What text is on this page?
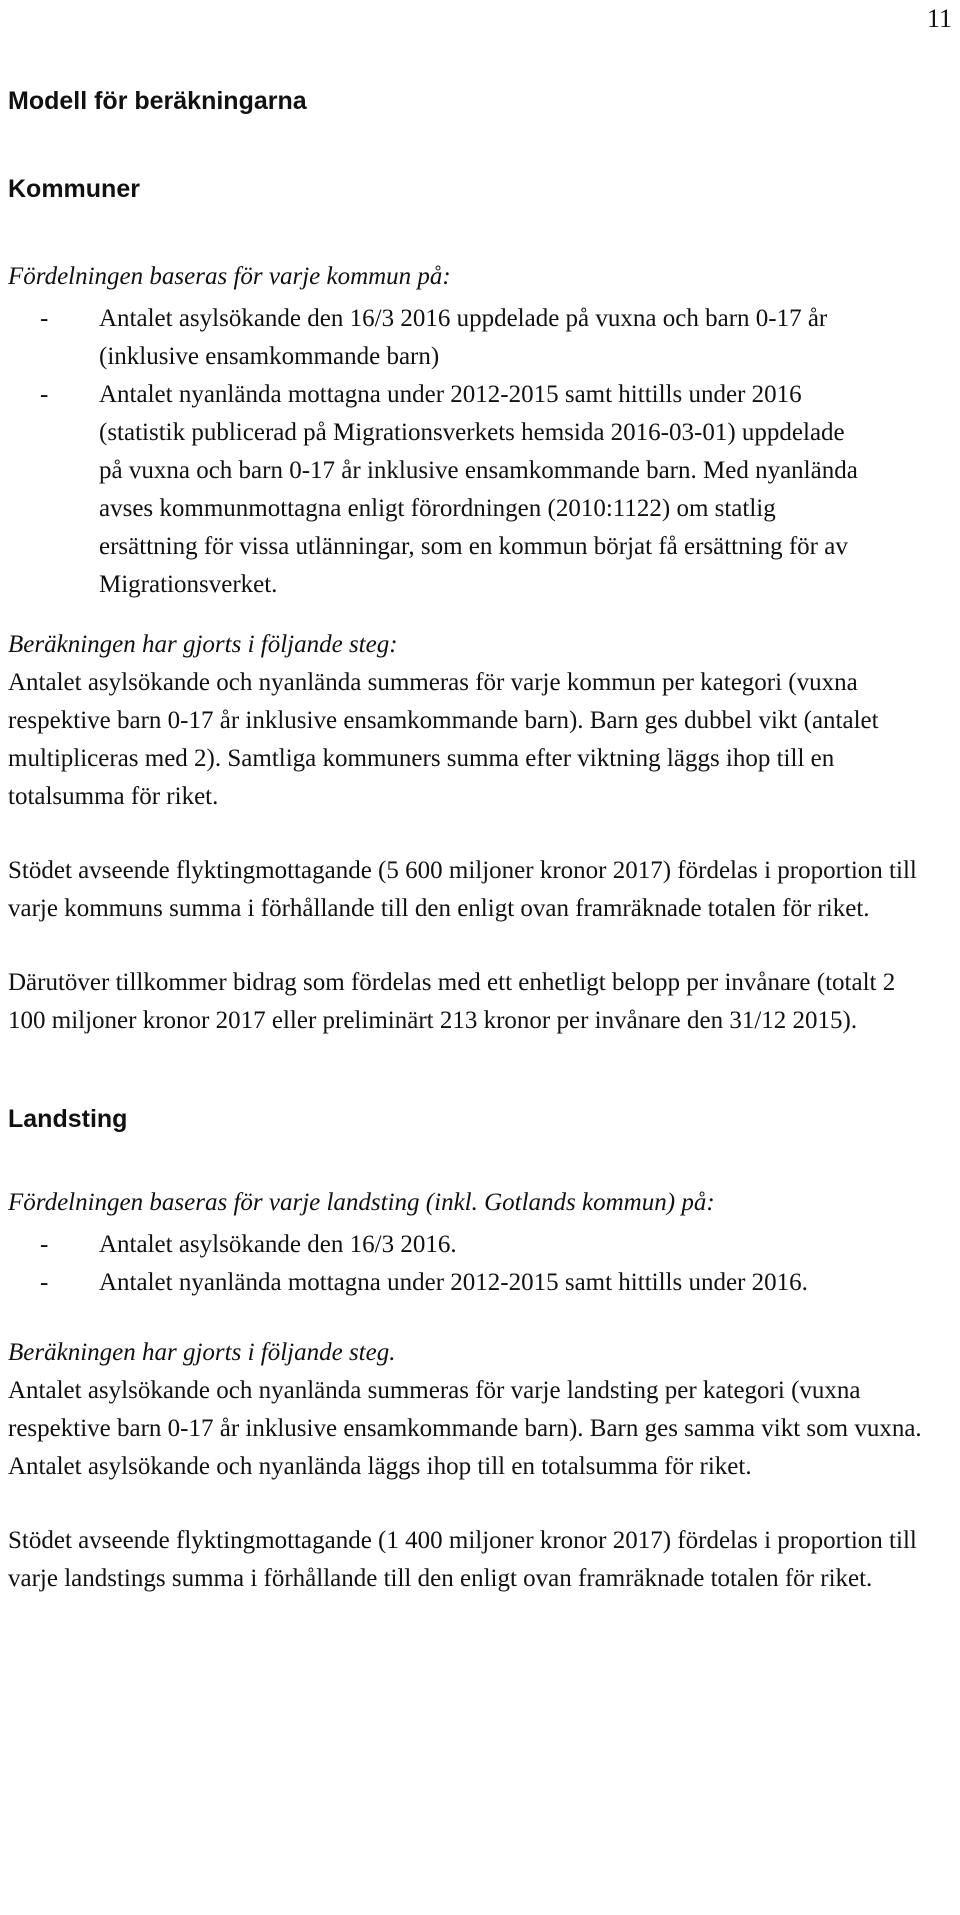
11
Modell för beräkningarna
Kommuner

Fördelningen baseras för varje kommun på:

- Antalet asylsökande den 16/3 2016 uppdelade på vuxna och barn 0-17 år (inklusive ensamkommande barn)
- Antalet nyanlända mottagna under 2012-2015 samt hittills under 2016 (statistik publicerad på Migrationsverkets hemsida 2016-03-01) uppdelade på vuxna och barn 0-17 år inklusive ensamkommande barn. Med nyanlända avses kommunmottagna enligt förordningen (2010:1122) om statlig ersättning för vissa utlänningar, som en kommun börjat få ersättning för av Migrationsverket.

Beräkningen har gjorts i följande steg:

Antalet asylsökande och nyanlända summeras för varje kommun per kategori (vuxna respektive barn 0-17 år inklusive ensamkommande barn). Barn ges dubbel vikt (antalet multipliceras med 2). Samtliga kommuners summa efter viktning läggs ihop till en totalsumma för riket.

Stödet avseende flyktingmottagande (5 600 miljoner kronor 2017) fördelas i proportion till varje kommuns summa i förhållande till den enligt ovan framräknade totalen för riket.

Därutöver tillkommer bidrag som fördelas med ett enhetligt belopp per invånare (totalt 2 100 miljoner kronor 2017 eller preliminärt 213 kronor per invånare den 31/12 2015).

Landsting

Fördelningen baseras för varje landsting (inkl. Gotlands kommun) på:

- Antalet asylsökande den 16/3 2016.
- Antalet nyanlända mottagna under 2012-2015 samt hittills under 2016.

Beräkningen har gjorts i följande steg.

Antalet asylsökande och nyanlända summeras för varje landsting per kategori (vuxna respektive barn 0-17 år inklusive ensamkommande barn). Barn ges samma vikt som vuxna. Antalet asylsökande och nyanlända läggs ihop till en totalsumma för riket.

Stödet avseende flyktingmottagande (1 400 miljoner kronor 2017) fördelas i proportion till varje landstings summa i förhållande till den enligt ovan framräknade totalen för riket.
